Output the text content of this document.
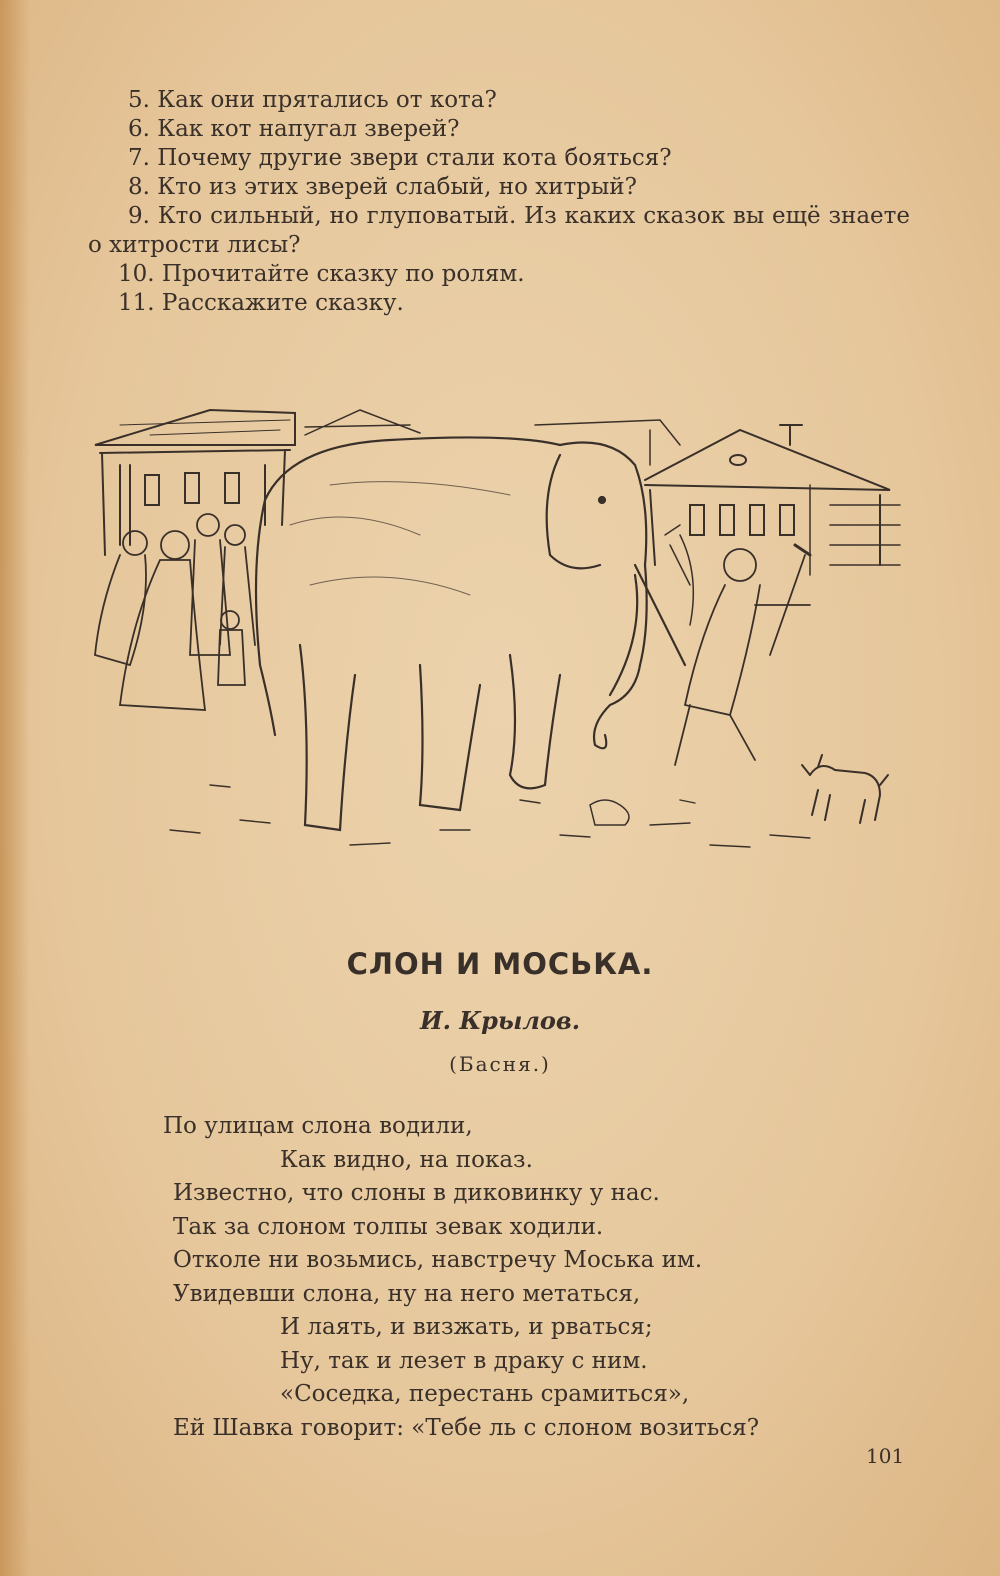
5. Как они прятались от кота?

6. Как кот напугал зверей?

7. Почему другие звери стали кота бояться?

8. Кто из этих зверей слабый, но хитрый?

9. Кто сильный, но глуповатый. Из каких сказок вы ещё знаете о хитрости лисы?

10. Прочитайте сказку по ролям.

11. Расскажите сказку.

СЛОН И МОСЬКА.
И. Крылов.
(Басня.)
По улицам слона водили,
Как видно, на показ.
Известно, что слоны в диковинку у нас.
Так за слоном толпы зевак ходили.
Отколе ни возьмись, навстречу Моська им.
Увидевши слона, ну на него метаться,
И лаять, и визжать, и рваться;
Ну, так и лезет в драку с ним.
«Соседка, перестань срамиться»,
Ей Шавка говорит: «Тебе ль с слоном возиться?
101
